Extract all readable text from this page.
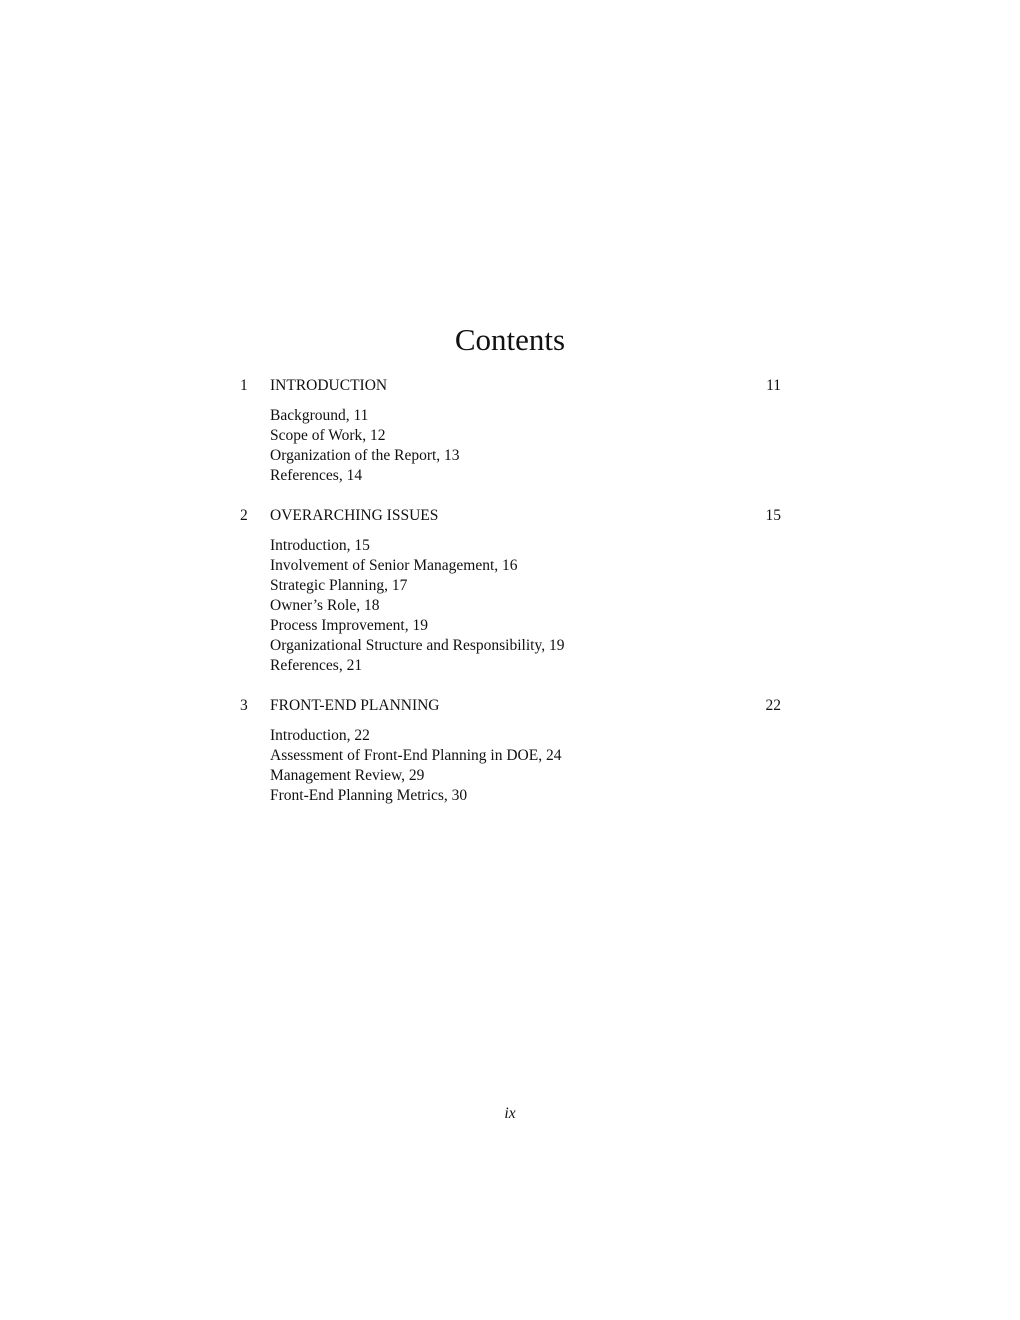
Contents
1 INTRODUCTION	11
Background, 11
Scope of Work, 12
Organization of the Report, 13
References, 14
2 OVERARCHING ISSUES	15
Introduction, 15
Involvement of Senior Management, 16
Strategic Planning, 17
Owner’s Role, 18
Process Improvement, 19
Organizational Structure and Responsibility, 19
References, 21
3 FRONT-END PLANNING	22
Introduction, 22
Assessment of Front-End Planning in DOE, 24
Management Review, 29
Front-End Planning Metrics, 30
ix
